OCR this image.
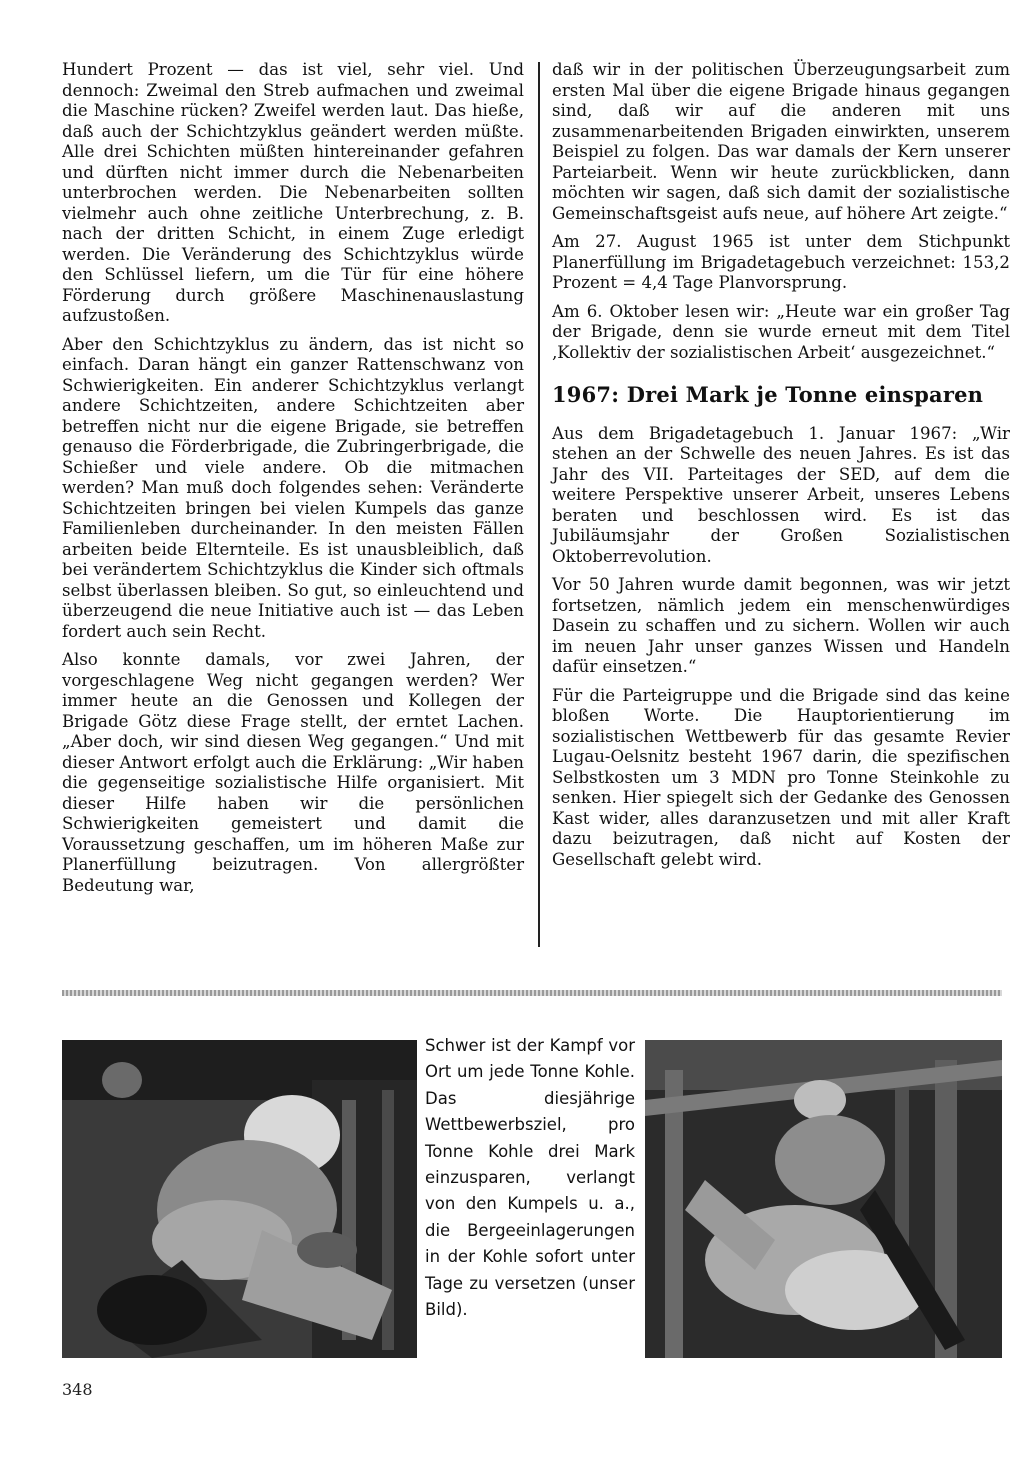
Hundert Prozent — das ist viel, sehr viel. Und dennoch: Zweimal den Streb aufmachen und zweimal die Maschine rücken? Zweifel werden laut. Das hieße, daß auch der Schichtzyklus geändert werden müßte. Alle drei Schichten müßten hintereinander gefahren und dürften nicht immer durch die Nebenarbeiten unterbrochen werden. Die Nebenarbeiten sollten vielmehr auch ohne zeitliche Unterbrechung, z. B. nach der dritten Schicht, in einem Zuge erledigt werden. Die Veränderung des Schichtzyklus würde den Schlüssel liefern, um die Tür für eine höhere Förderung durch größere Maschinenauslastung aufzustoßen.

Aber den Schichtzyklus zu ändern, das ist nicht so einfach. Daran hängt ein ganzer Rattenschwanz von Schwierigkeiten. Ein anderer Schichtzyklus verlangt andere Schichtzeiten, andere Schichtzeiten aber betreffen nicht nur die eigene Brigade, sie betreffen genauso die Förderbrigade, die Zubringerbrigade, die Schießer und viele andere. Ob die mitmachen werden? Man muß doch folgendes sehen: Veränderte Schichtzeiten bringen bei vielen Kumpels das ganze Familienleben durcheinander. In den meisten Fällen arbeiten beide Elternteile. Es ist unausbleiblich, daß bei verändertem Schichtzyklus die Kinder sich oftmals selbst überlassen bleiben. So gut, so einleuchtend und überzeugend die neue Initiative auch ist — das Leben fordert auch sein Recht.

Also konnte damals, vor zwei Jahren, der vorgeschlagene Weg nicht gegangen werden? Wer immer heute an die Genossen und Kollegen der Brigade Götz diese Frage stellt, der erntet Lachen. „Aber doch, wir sind diesen Weg gegangen.“ Und mit dieser Antwort erfolgt auch die Erklärung: „Wir haben die gegenseitige sozialistische Hilfe organisiert. Mit dieser Hilfe haben wir die persönlichen Schwierigkeiten gemeistert und damit die Voraussetzung geschaffen, um im höheren Maße zur Planerfüllung beizutragen. Von allergrößter Bedeutung war,

daß wir in der politischen Überzeugungsarbeit zum ersten Mal über die eigene Brigade hinaus gegangen sind, daß wir auf die anderen mit uns zusammenarbeitenden Brigaden einwirkten, unserem Beispiel zu folgen. Das war damals der Kern unserer Parteiarbeit. Wenn wir heute zurückblicken, dann möchten wir sagen, daß sich damit der sozialistische Gemeinschaftsgeist aufs neue, auf höhere Art zeigte.“

Am 27. August 1965 ist unter dem Stichpunkt Planerfüllung im Brigadetagebuch verzeichnet: 153,2 Prozent = 4,4 Tage Planvorsprung.

Am 6. Oktober lesen wir: „Heute war ein großer Tag der Brigade, denn sie wurde erneut mit dem Titel ‚Kollektiv der sozialistischen Arbeit‘ ausgezeichnet.“

1967: Drei Mark je Tonne einsparen

Aus dem Brigadetagebuch 1. Januar 1967: „Wir stehen an der Schwelle des neuen Jahres. Es ist das Jahr des VII. Parteitages der SED, auf dem die weitere Perspektive unserer Arbeit, unseres Lebens beraten und beschlossen wird. Es ist das Jubiläumsjahr der Großen Sozialistischen Oktoberrevolution.

Vor 50 Jahren wurde damit begonnen, was wir jetzt fortsetzen, nämlich jedem ein menschenwürdiges Dasein zu schaffen und zu sichern. Wollen wir auch im neuen Jahr unser ganzes Wissen und Handeln dafür einsetzen.“

Für die Parteigruppe und die Brigade sind das keine bloßen Worte. Die Hauptorientierung im sozialistischen Wettbewerb für das gesamte Revier Lugau-Oelsnitz besteht 1967 darin, die spezifischen Selbstkosten um 3 MDN pro Tonne Steinkohle zu senken. Hier spiegelt sich der Gedanke des Genossen Kast wider, alles daranzusetzen und mit aller Kraft dazu beizutragen, daß nicht auf Kosten der Gesellschaft gelebt wird.

Schwer ist der Kampf vor Ort um jede Tonne Kohle. Das diesjährige Wettbewerbsziel, pro Tonne Kohle drei Mark einzusparen, verlangt von den Kumpels u. a., die Bergeeinlagerungen in der Kohle sofort unter Tage zu versetzen (unser Bild).
348
